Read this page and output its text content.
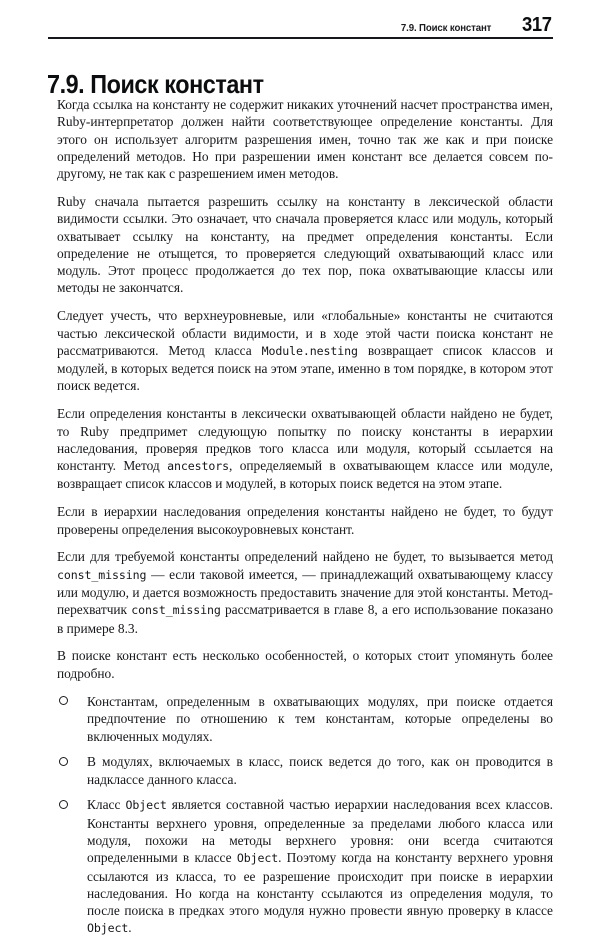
7.9. Поиск констант 317
7.9. Поиск констант

Когда ссылка на константу не содержит никаких уточнений насчет пространства имен, Ruby-интерпретатор должен найти соответствующее определение константы. Для этого он использует алгоритм разрешения имен, точно так же как и при поиске определений методов. Но при разрешении имен констант все делается совсем по-другому, не так как с разрешением имен методов.

Ruby сначала пытается разрешить ссылку на константу в лексической области видимости ссылки. Это означает, что сначала проверяется класс или модуль, который охватывает ссылку на константу, на предмет определения константы. Если определение не отыщется, то проверяется следующий охватывающий класс или модуль. Этот процесс продолжается до тех пор, пока охватывающие классы или методы не закончатся.

Следует учесть, что верхнеуровневые, или «глобальные» константы не считаются частью лексической области видимости, и в ходе этой части поиска констант не рассматриваются. Метод класса Module.nesting возвращает список классов и модулей, в которых ведется поиск на этом этапе, именно в том порядке, в котором этот поиск ведется.

Если определения константы в лексически охватывающей области найдено не будет, то Ruby предпримет следующую попытку по поиску константы в иерархии наследования, проверяя предков того класса или модуля, который ссылается на константу. Метод ancestors, определяемый в охватывающем классе или модуле, возвращает список классов и модулей, в которых поиск ведется на этом этапе.

Если в иерархии наследования определения константы найдено не будет, то будут проверены определения высокоуровневых констант.

Если для требуемой константы определений найдено не будет, то вызывается метод const_missing — если таковой имеется, — принадлежащий охватывающему классу или модулю, и дается возможность предоставить значение для этой константы. Метод-перехватчик const_missing рассматривается в главе 8, а его использование показано в примере 8.3.

В поиске констант есть несколько особенностей, о которых стоит упомянуть более подробно.

Константам, определенным в охватывающих модулях, при поиске отдается предпочтение по отношению к тем константам, которые определены во включенных модулях.
В модулях, включаемых в класс, поиск ведется до того, как он проводится в надклассе данного класса.
Класс Object является составной частью иерархии наследования всех классов. Константы верхнего уровня, определенные за пределами любого класса или модуля, похожи на методы верхнего уровня: они всегда считаются определенными в классе Object. Поэтому когда на константу верхнего уровня ссылаются из класса, то ее разрешение происходит при поиске в иерархии наследования. Но когда на константу ссылаются из определения модуля, то после поиска в предках этого модуля нужно провести явную проверку в классе Object.
